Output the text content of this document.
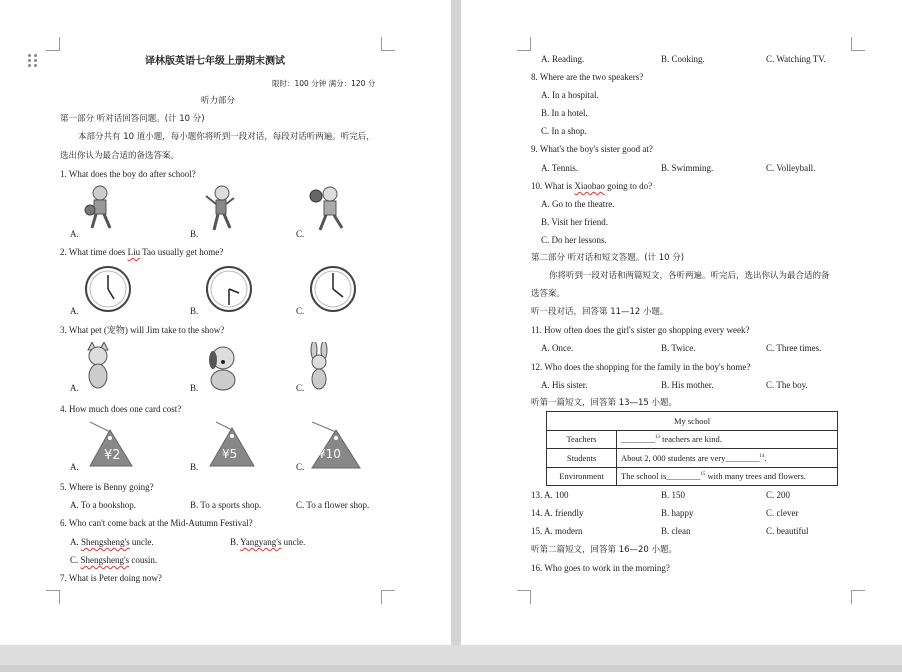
译林版英语七年级上册期末测试
限时：100 分钟 满分：120 分
听力部分
第一部分 听对话回答问题。(计 10 分)
本部分共有 10 道小题，每小题你将听到一段对话，每段对话听两遍。听完后，
选出你认为最合适的备选答案。
1. What does the boy do after school?
A.	B.	C.
2. What time does Liu Tao usually get home?
A.	B.	C.
3. What pet (宠物) will Jim take to the show?
A.	B.	C.
4. How much does one card cost?
A.	B.	C.
¥2	¥5	¥10
5. Where is Benny going?
A. To a bookshop.	B. To a sports shop.	C. To a flower shop.
6. Who can't come back at the Mid-Autumn Festival?
A. Shengsheng's uncle.	B. Yangyang's uncle.
C. Shengsheng's cousin.
7. What is Peter doing now?
A. Reading.	B. Cooking.	C. Watching TV.
8. Where are the two speakers?
A. In a hospital.
B. In a hotel.
C. In a shop.
9. What's the boy's sister good at?
A. Tennis.	B. Swimming.	C. Volleyball.
10. What is Xiaobao going to do?
A. Go to the theatre.
B. Visit her friend.
C. Do her lessons.
第二部分 听对话和短文答题。(计 10 分)
你将听到一段对话和两篇短文，各听两遍。听完后，选出你认为最合适的备
选答案。
听一段对话，回答第 11—12 小题。
11. How often does the girl's sister go shopping every week?
A. Once.	B. Twice.	C. Three times.
12. Who does the shopping for the family in the boy's home?
A. His sister.	B. His mother.	C. The boy.
听第一篇短文，回答第 13—15 小题。
My school	
Teachers	________$^{13}$ teachers are kind.
Students	About 2, 000 students are very________$^{14}$.
Environment	The school is________$^{15}$ with many trees and flowers.
13. A. 100	B. 150	C. 200
14. A. friendly	B. happy	C. clever
15. A. modern	B. clean	C. beautiful
听第二篇短文，回答第 16—20 小题。
16. Who goes to work in the morning?
